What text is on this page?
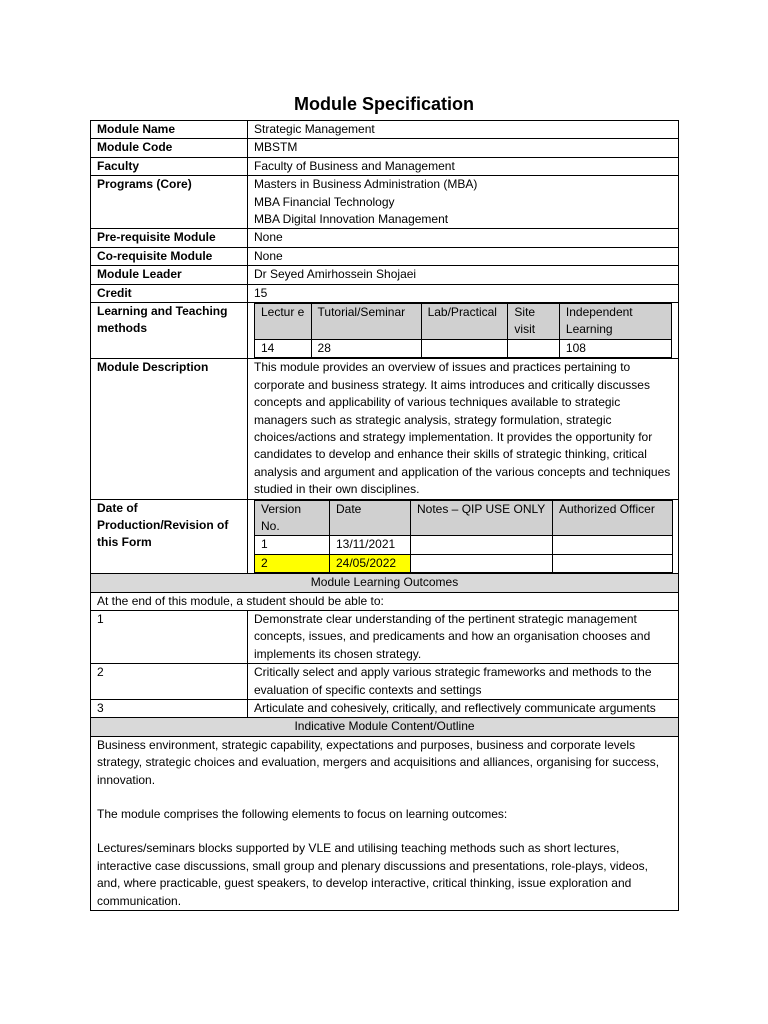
Module Specification
Module Name	Strategic Management
Module Code	MBSTM
Faculty	Faculty of Business and Management
Programs (Core)	Masters in Business Administration (MBA)
MBA Financial Technology
MBA Digital Innovation Management

Pre-requisite Module	None
Co-requisite Module	None
Module Leader	Dr Seyed Amirhossein Shojaei
Credit	15
Learning and Teaching methods	
Lectur e	Tutorial/Seminar	Lab/Practical	Site visit	Independent Learning
14	28			108

Module Description	This module provides an overview of issues and practices pertaining to corporate and business strategy. It aims introduces and critically discusses concepts and applicability of various techniques available to strategic managers such as strategic analysis, strategy formulation, strategic choices/actions and strategy implementation. It provides the opportunity for candidates to develop and enhance their skills of strategic thinking, critical analysis and argument and application of the various concepts and techniques studied in their own disciplines.
Date of Production/Revision of this Form	
Version No.	Date	Notes – QIP USE ONLY	Authorized Officer
1	13/11/2021		
2	24/05/2022		

Module Learning Outcomes
At the end of this module, a student should be able to:
1	Demonstrate clear understanding of the pertinent strategic management concepts, issues, and predicaments and how an organisation chooses and implements its chosen strategy.
2	Critically select and apply various strategic frameworks and methods to the evaluation of specific contexts and settings
3	Articulate and cohesively, critically, and reflectively communicate arguments
Indicative Module Content/Outline

Business environment, strategic capability, expectations and purposes, business and corporate levels strategy, strategic choices and evaluation, mergers and acquisitions and alliances, organising for success, innovation.

The module comprises the following elements to focus on learning outcomes:

Lectures/seminars blocks supported by VLE and utilising teaching methods such as short lectures, interactive case discussions, small group and plenary discussions and presentations, role-plays, videos, and, where practicable, guest speakers, to develop interactive, critical thinking, issue exploration and communication.
